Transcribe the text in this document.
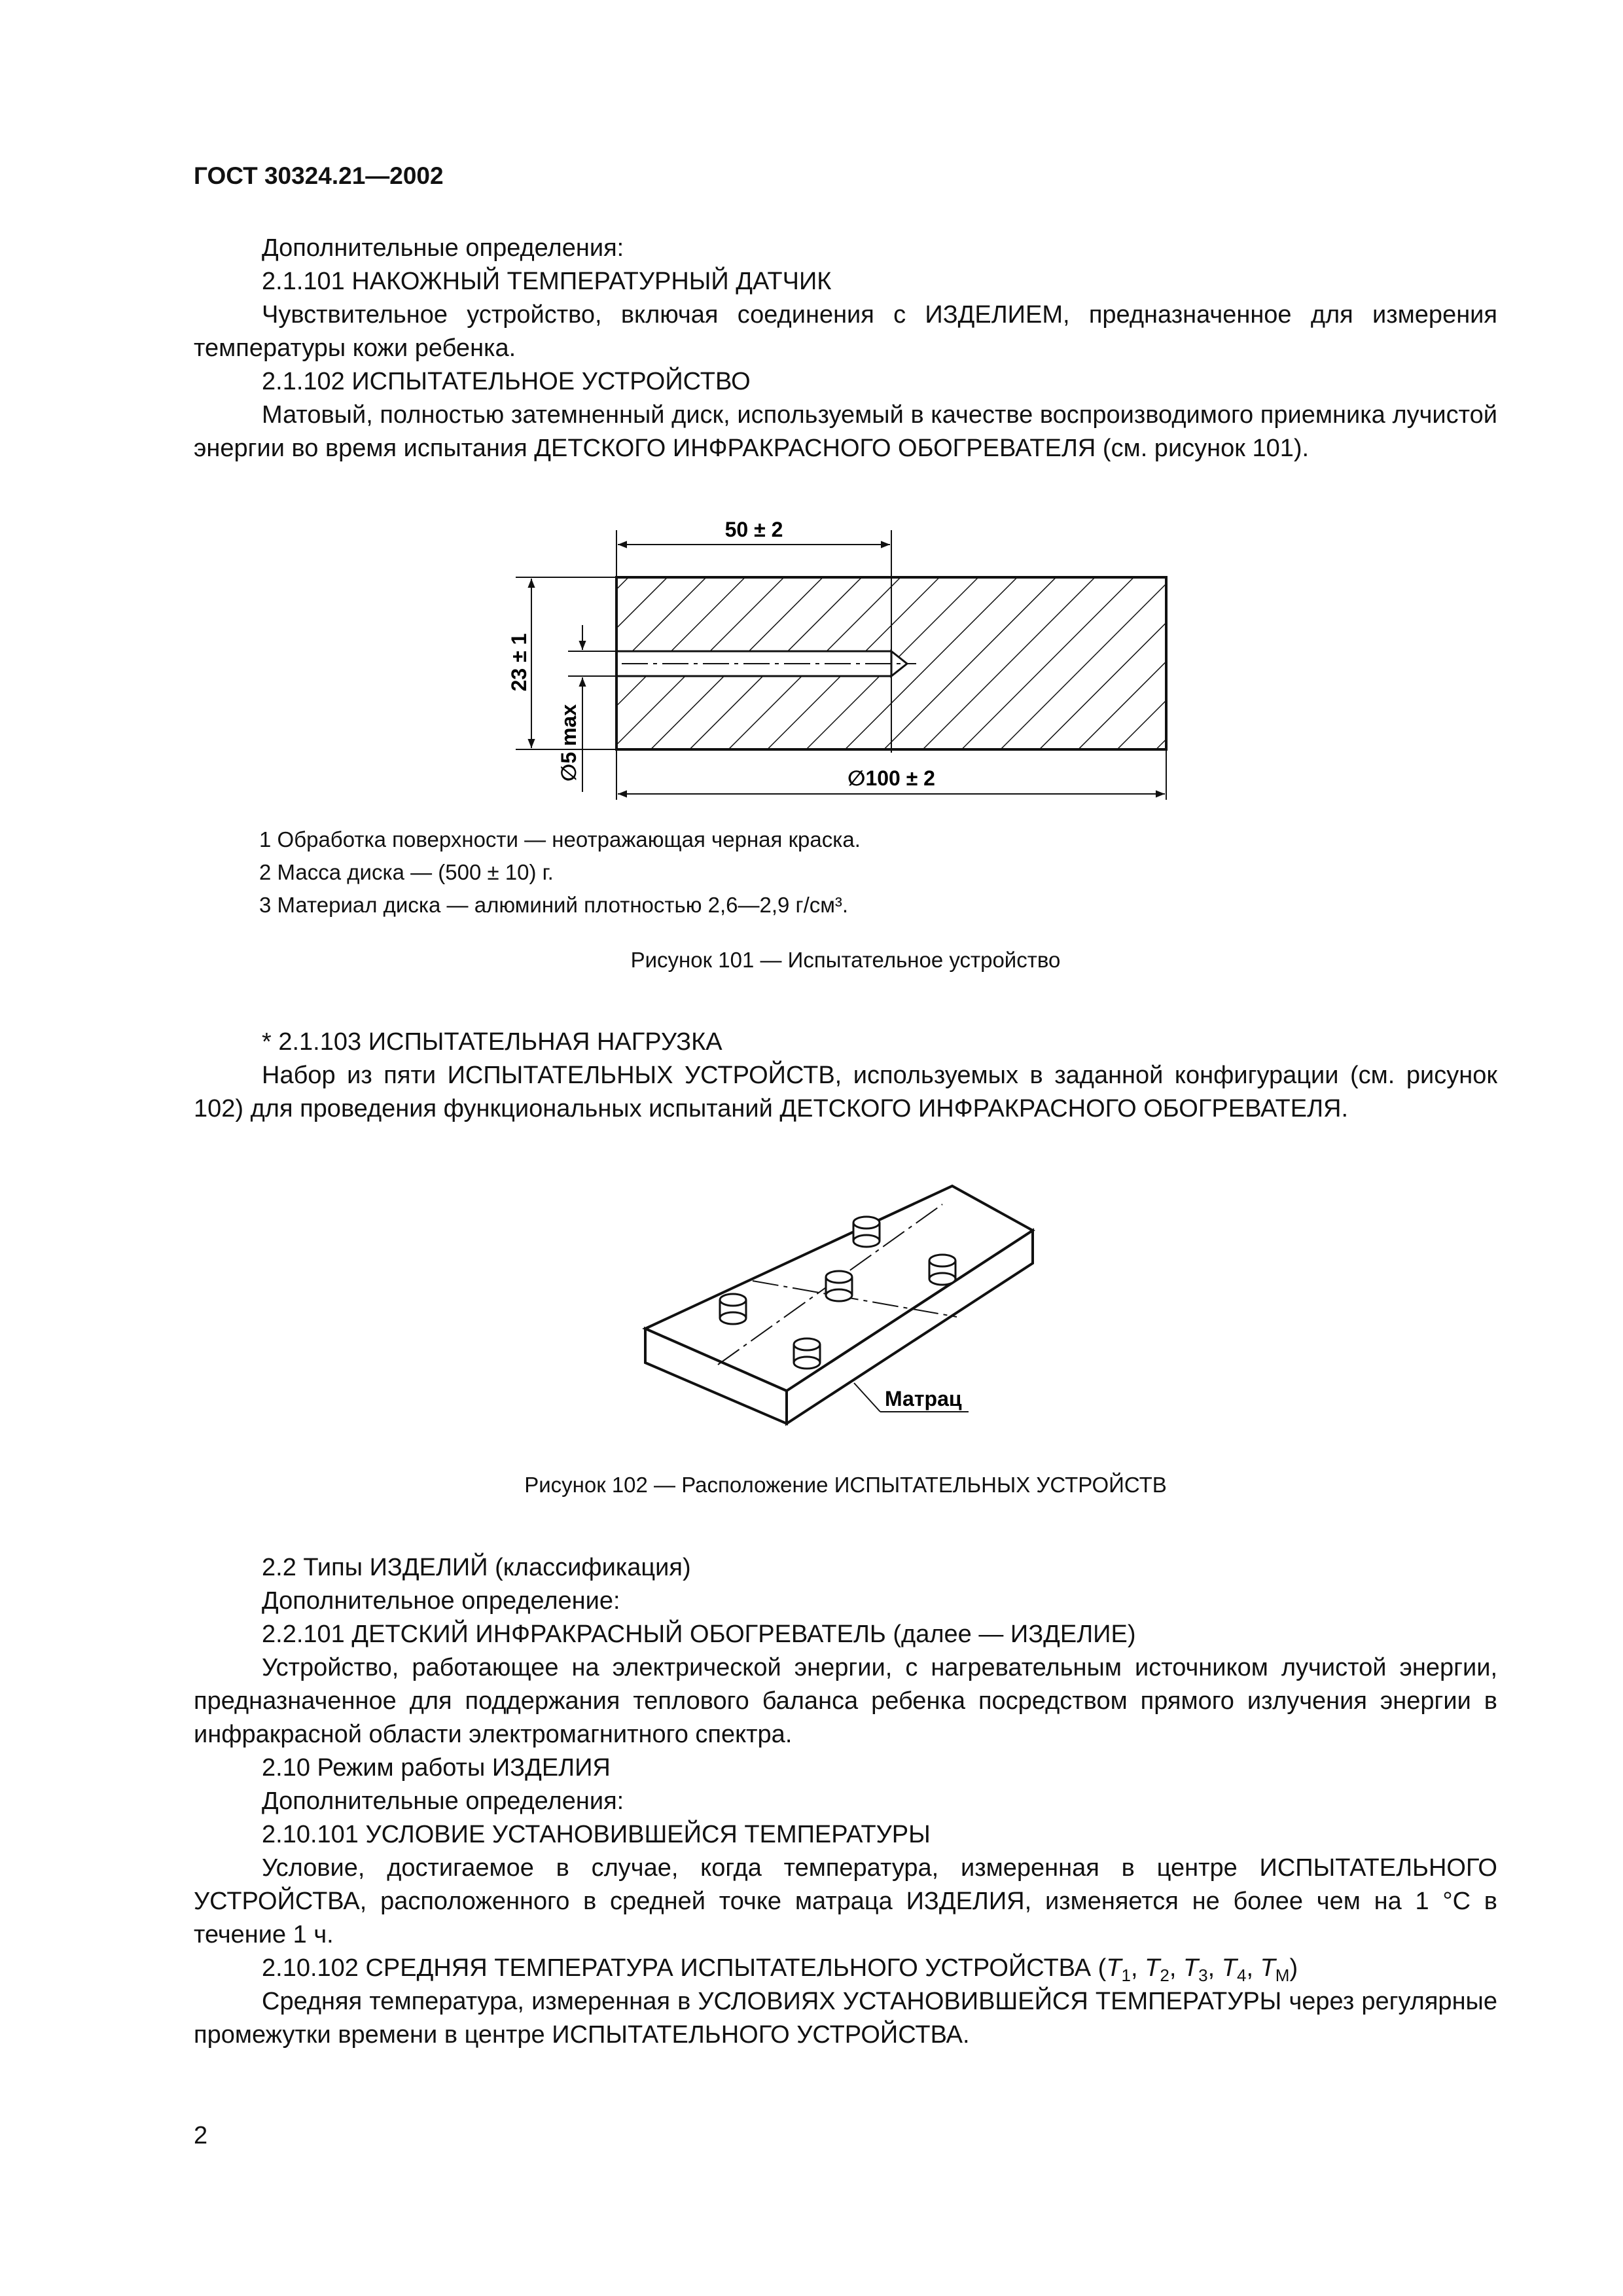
ГОСТ 30324.21—2002

Дополнительные определения:

2.1.101 НАКОЖНЫЙ ТЕМПЕРАТУРНЫЙ ДАТЧИК

Чувствительное устройство, включая соединения с ИЗДЕЛИЕМ, предназначенное для измерения температуры кожи ребенка.

2.1.102 ИСПЫТАТЕЛЬНОЕ УСТРОЙСТВО

Матовый, полностью затемненный диск, используемый в качестве воспроизводимого приемника лучистой энергии во время испытания ДЕТСКОГО ИНФРАКРАСНОГО ОБОГРЕВАТЕЛЯ (см. рисунок 101).

50 ± 2
23 ± 1
∅5 max	∅100 ± 2
1 Обработка поверхности — неотражающая черная краска.
2 Масса диска — (500 ± 10) г.
3 Материал диска — алюминий плотностью 2,6—2,9 г/см³.
Рисунок 101 — Испытательное устройство

* 2.1.103 ИСПЫТАТЕЛЬНАЯ НАГРУЗКА

Набор из пяти ИСПЫТАТЕЛЬНЫХ УСТРОЙСТВ, используемых в заданной конфигурации (см. рисунок 102) для проведения функциональных испытаний ДЕТСКОГО ИНФРАКРАСНОГО ОБОГРЕВАТЕЛЯ.

Матрац
Рисунок 102 — Расположение ИСПЫТАТЕЛЬНЫХ УСТРОЙСТВ

2.2 Типы ИЗДЕЛИЙ (классификация)

Дополнительное определение:

2.2.101 ДЕТСКИЙ ИНФРАКРАСНЫЙ ОБОГРЕВАТЕЛЬ (далее — ИЗДЕЛИЕ)

Устройство, работающее на электрической энергии, с нагревательным источником лучистой энергии, предназначенное для поддержания теплового баланса ребенка посредством прямого излучения энергии в инфракрасной области электромагнитного спектра.

2.10 Режим работы ИЗДЕЛИЯ

Дополнительные определения:

2.10.101 УСЛОВИЕ УСТАНОВИВШЕЙСЯ ТЕМПЕРАТУРЫ

Условие, достигаемое в случае, когда температура, измеренная в центре ИСПЫТАТЕЛЬНОГО УСТРОЙСТВА, расположенного в средней точке матраца ИЗДЕЛИЯ, изменяется не более чем на 1 °С в течение 1 ч.

2.10.102 СРЕДНЯЯ ТЕМПЕРАТУРА ИСПЫТАТЕЛЬНОГО УСТРОЙСТВА ($T_1$, $T_2$, $T_3$, $T_4$, $T_М$)

Средняя температура, измеренная в УСЛОВИЯХ УСТАНОВИВШЕЙСЯ ТЕМПЕРАТУРЫ через регулярные промежутки времени в центре ИСПЫТАТЕЛЬНОГО УСТРОЙСТВА.

2
